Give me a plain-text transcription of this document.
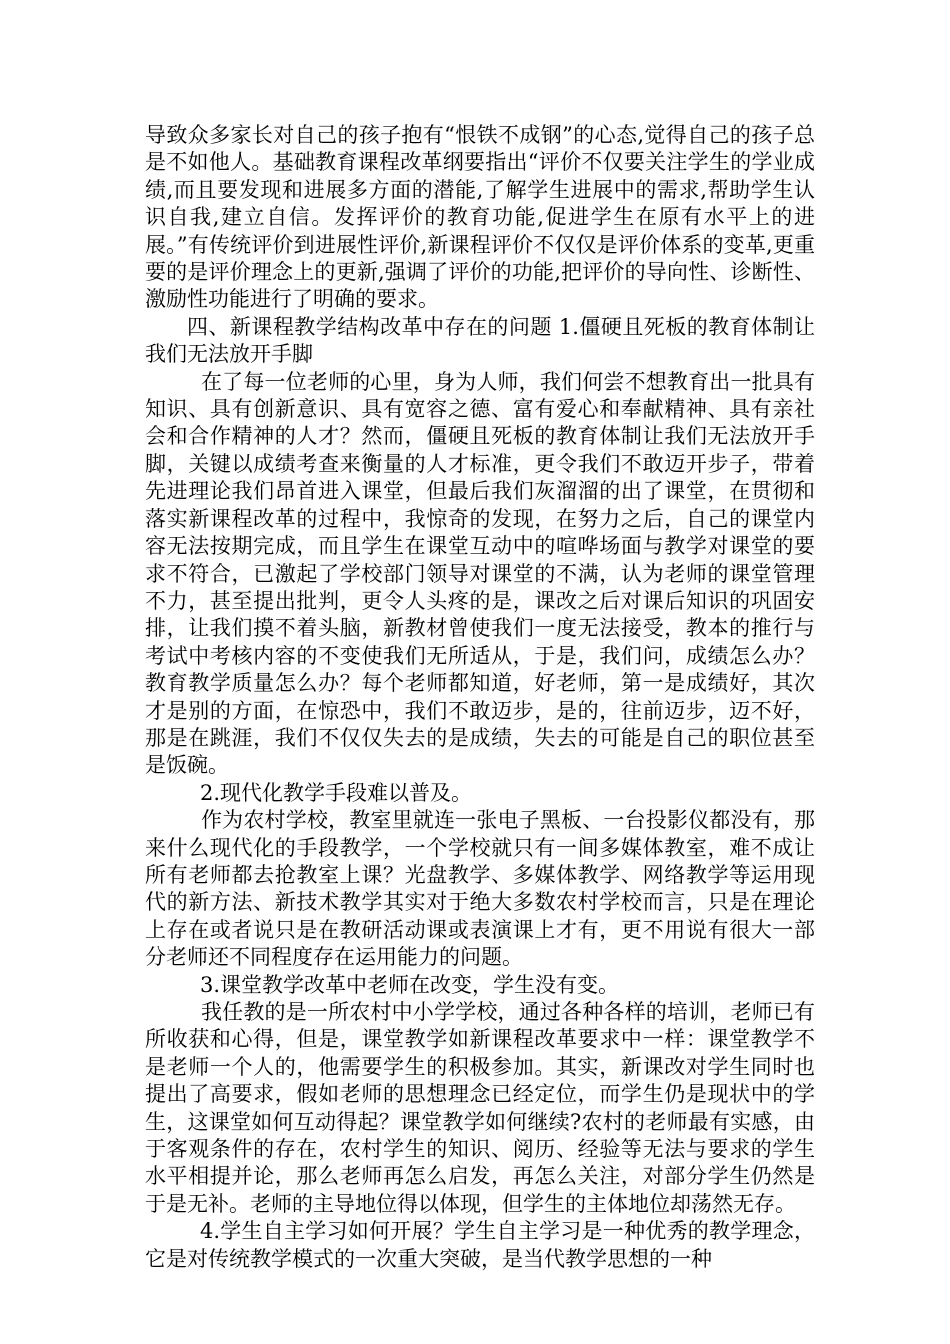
导致众多家长对自己的孩子抱有“恨铁不成钢”的心态,觉得自己的孩子总是不如他人。基础教育课程改革纲要指出“评价不仅要关注学生的学业成绩,而且要发现和进展多方面的潜能,了解学生进展中的需求,帮助学生认识自我,建立自信。发挥评价的教育功能,促进学生在原有水平上的进展。”有传统评价到进展性评价,新课程评价不仅仅是评价体系的变革,更重要的是评价理念上的更新,强调了评价的功能,把评价的导向性、诊断性、激励性功能进行了明确的要求。

四、新课程教学结构改革中存在的问题 1.僵硬且死板的教育体制让我们无法放开手脚

在了每一位老师的心里，身为人师，我们何尝不想教育出一批具有知识、具有创新意识、具有宽容之德、富有爱心和奉献精神、具有亲社会和合作精神的人才？然而，僵硬且死板的教育体制让我们无法放开手脚，关键以成绩考查来衡量的人才标准，更令我们不敢迈开步子，带着先进理论我们昂首进入课堂，但最后我们灰溜溜的出了课堂，在贯彻和落实新课程改革的过程中，我惊奇的发现，在努力之后，自己的课堂内容无法按期完成，而且学生在课堂互动中的喧哗场面与教学对课堂的要求不符合，已激起了学校部门领导对课堂的不满，认为老师的课堂管理不力，甚至提出批判，更令人头疼的是，课改之后对课后知识的巩固安排，让我们摸不着头脑，新教材曾使我们一度无法接受，教本的推行与考试中考核内容的不变使我们无所适从，于是，我们问，成绩怎么办？教育教学质量怎么办？每个老师都知道，好老师，第一是成绩好，其次才是别的方面，在惊恐中，我们不敢迈步，是的，往前迈步，迈不好，那是在跳涯，我们不仅仅失去的是成绩，失去的可能是自己的职位甚至是饭碗。

2.现代化教学手段难以普及。

作为农村学校，教室里就连一张电子黑板、一台投影仪都没有，那来什么现代化的手段教学，一个学校就只有一间多媒体教室，难不成让所有老师都去抢教室上课？光盘教学、多媒体教学、网络教学等运用现代的新方法、新技术教学其实对于绝大多数农村学校而言，只是在理论上存在或者说只是在教研活动课或表演课上才有，更不用说有很大一部分老师还不同程度存在运用能力的问题。

3.课堂教学改革中老师在改变，学生没有变。

我任教的是一所农村中小学学校，通过各种各样的培训，老师已有所收获和心得，但是，课堂教学如新课程改革要求中一样：课堂教学不是老师一个人的，他需要学生的积极参加。其实，新课改对学生同时也提出了高要求，假如老师的思想理念已经定位，而学生仍是现状中的学生，这课堂如何互动得起？课堂教学如何继续?农村的老师最有实感，由于客观条件的存在，农村学生的知识、阅历、经验等无法与要求的学生水平相提并论，那么老师再怎么启发，再怎么关注，对部分学生仍然是于是无补。老师的主导地位得以体现，但学生的主体地位却荡然无存。

4.学生自主学习如何开展？学生自主学习是一种优秀的教学理念，它是对传统教学模式的一次重大突破，是当代教学思想的一种
